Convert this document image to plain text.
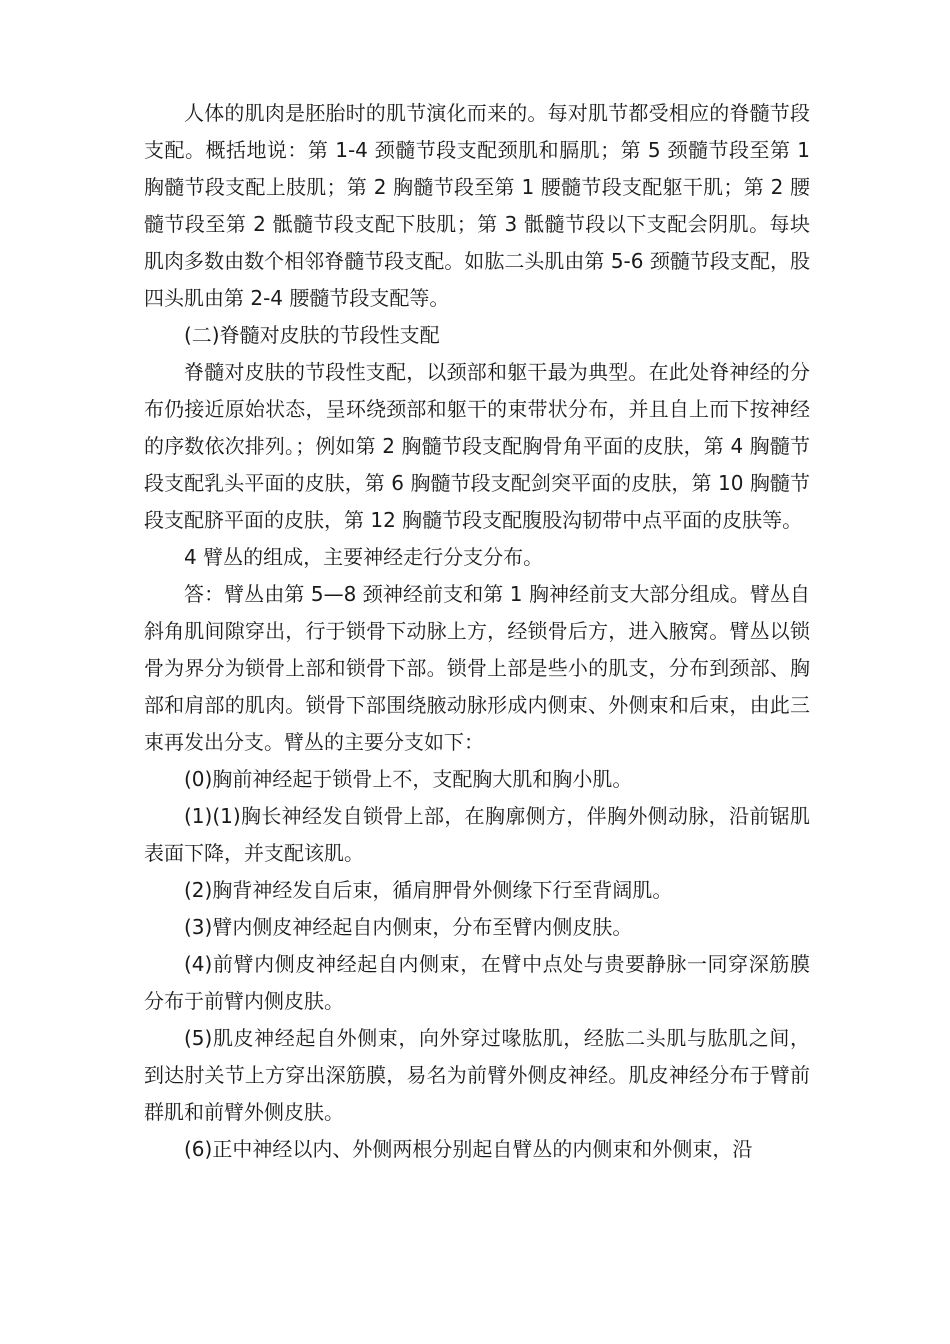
人体的肌肉是胚胎时的肌节演化而来的。每对肌节都受相应的脊髓节段支配。概括地说：第 1-4 颈髓节段支配颈肌和膈肌；第 5 颈髓节段至第 1 胸髓节段支配上肢肌；第 2 胸髓节段至第 1 腰髓节段支配躯干肌；第 2 腰髓节段至第 2 骶髓节段支配下肢肌；第 3 骶髓节段以下支配会阴肌。每块肌肉多数由数个相邻脊髓节段支配。如肱二头肌由第 5-6 颈髓节段支配，股四头肌由第 2-4 腰髓节段支配等。

(二)脊髓对皮肤的节段性支配

脊髓对皮肤的节段性支配，以颈部和躯干最为典型。在此处脊神经的分布仍接近原始状态，呈环绕颈部和躯干的束带状分布，并且自上而下按神经的序数依次排列。；例如第 2 胸髓节段支配胸骨角平面的皮肤，第 4 胸髓节段支配乳头平面的皮肤，第 6 胸髓节段支配剑突平面的皮肤，第 10 胸髓节段支配脐平面的皮肤，第 12 胸髓节段支配腹股沟韧带中点平面的皮肤等。

4 臂丛的组成，主要神经走行分支分布。

答：臂丛由第 5—8 颈神经前支和第 1 胸神经前支大部分组成。臂丛自斜角肌间隙穿出，行于锁骨下动脉上方，经锁骨后方，进入腋窝。臂丛以锁骨为界分为锁骨上部和锁骨下部。锁骨上部是些小的肌支，分布到颈部、胸部和肩部的肌肉。锁骨下部围绕腋动脉形成内侧束、外侧束和后束，由此三束再发出分支。臂丛的主要分支如下：

(0)胸前神经起于锁骨上不，支配胸大肌和胸小肌。

(1)(1)胸长神经发自锁骨上部，在胸廓侧方，伴胸外侧动脉，沿前锯肌表面下降，并支配该肌。

(2)胸背神经发自后束，循肩胛骨外侧缘下行至背阔肌。

(3)臂内侧皮神经起自内侧束，分布至臂内侧皮肤。

(4)前臂内侧皮神经起自内侧束，在臂中点处与贵要静脉一同穿深筋膜分布于前臂内侧皮肤。

(5)肌皮神经起自外侧束，向外穿过喙肱肌，经肱二头肌与肱肌之间，到达肘关节上方穿出深筋膜，易名为前臂外侧皮神经。肌皮神经分布于臂前群肌和前臂外侧皮肤。

(6)正中神经以内、外侧两根分别起自臂丛的内侧束和外侧束，沿
